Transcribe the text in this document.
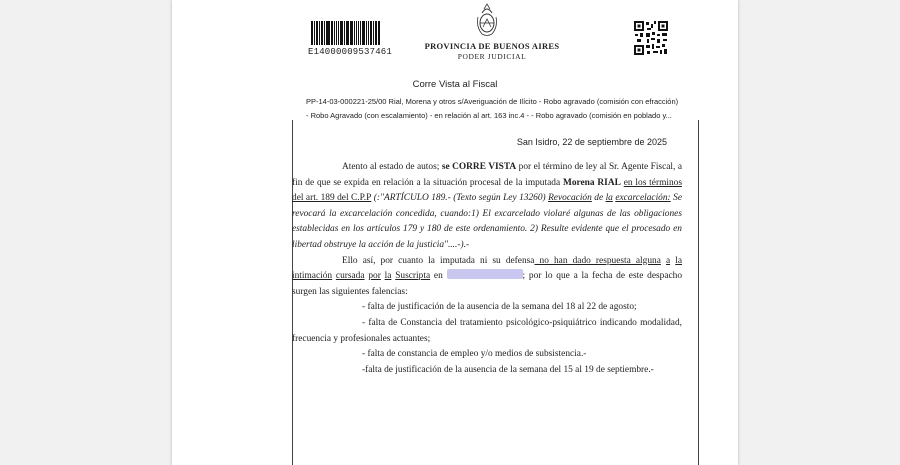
E14000009537461
PROVINCIA DE BUENOS AIRES
PODER JUDICIAL
Corre Vista al Fiscal
PP-14-03-000221-25/00 Rial, Morena y otros s/Averiguación de Ilícito - Robo agravado (comisión con efracción)
- Robo Agravado (con escalamiento) - en relación al art. 163 inc.4 - - Robo agravado (comisión en poblado y...
San Isidro, 22 de septiembre de 2025

Atento al estado de autos; se CORRE VISTA por el término de ley al Sr. Agente Fiscal, a fin de que se expida en relación a la situación procesal de la imputada Morena RIAL en los términos del art. 189 del C.P.P (:"ARTÍCULO 189.- (Texto según Ley 13260) Revocación de la excarcelación: Se revocará la excarcelación concedida, cuando:1) El excarcelado violaré algunas de las obligaciones establecidas en los artículos 179 y 180 de este ordenamiento. 2) Resulte evidente que el procesado en libertad obstruye la acción de la justicia"....-).-

Ello así, por cuanto la imputada ni su defensa no han dado respuesta alguna a la intimación cursada por la Suscripta en	; por lo que a la fecha de este despacho surgen las siguientes falencias:

- falta de justificación de la ausencia de la semana del 18 al 22 de agosto;

- falta de Constancia del tratamiento psicológico-psiquiátrico indicando modalidad, frecuencia y profesionales actuantes;

- falta de constancia de empleo y/o medios de subsistencia.-

-falta de justificación de la ausencia de la semana del 15 al 19 de septiembre.-
